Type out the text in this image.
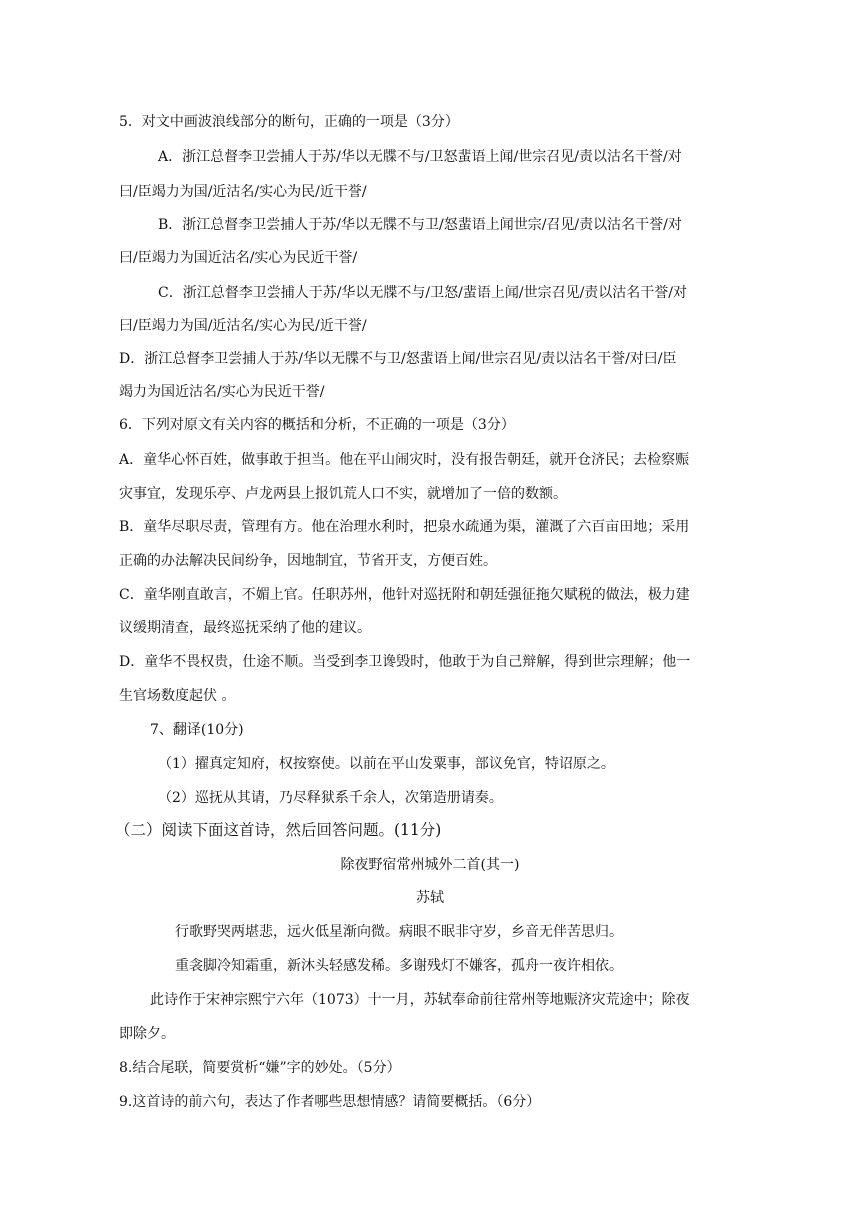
5．对文中画波浪线部分的断句，正确的一项是（3分）
A．浙江总督李卫尝捕人于苏/华以无牒不与/卫怒蜚语上闻/世宗召见/责以沽名干誉/对
曰/臣竭力为国/近沽名/实心为民/近干誉/
B．浙江总督李卫尝捕人于苏/华以无牒不与卫/怒蜚语上闻世宗/召见/责以沽名干誉/对
曰/臣竭力为国近沽名/实心为民近干誉/
C．浙江总督李卫尝捕人于苏/华以无牒不与/卫怒/蜚语上闻/世宗召见/责以沽名干誉/对
曰/臣竭力为国/近沽名/实心为民/近干誉/
D．浙江总督李卫尝捕人于苏/华以无牒不与卫/怒蜚语上闻/世宗召见/责以沽名干誉/对曰/臣
竭力为国近沽名/实心为民近干誉/
6．下列对原文有关内容的概括和分析，不正确的一项是（3分）
A．童华心怀百姓，做事敢于担当。他在平山闹灾时，没有报告朝廷，就开仓济民；去检察赈
灾事宜，发现乐亭、卢龙两县上报饥荒人口不实，就增加了一倍的数额。
B．童华尽职尽责，管理有方。他在治理水利时，把泉水疏通为渠，灌溉了六百亩田地；采用
正确的办法解决民间纷争，因地制宜，节省开支，方便百姓。
C．童华刚直敢言，不媚上官。任职苏州，他针对巡抚附和朝廷强征拖欠赋税的做法，极力建
议缓期清查，最终巡抚采纳了他的建议。
D．童华不畏权贵，仕途不顺。当受到李卫谗毁时，他敢于为自己辩解，得到世宗理解；他一
生官场数度起伏 。
7、翻译(10分)
（1）擢真定知府，权按察使。以前在平山发粟事，部议免官，特诏原之。
（2）巡抚从其请，乃尽释狱系千余人，次第造册请奏。
（二）阅读下面这首诗，然后回答问题。(11分)
除夜野宿常州城外二首(其一)
苏轼
行歌野哭两堪悲，远火低星渐向微。病眼不眠非守岁，乡音无伴苦思归。
重衾脚冷知霜重，新沐头轻感发稀。多谢残灯不嫌客，孤舟一夜许相依。
此诗作于宋神宗熙宁六年（1073）十一月，苏轼奉命前往常州等地赈济灾荒途中；除夜
即除夕。
8.结合尾联，简要赏析“嫌”字的妙处。（5分）
9.这首诗的前六句，表达了作者哪些思想情感？请简要概括。（6分）
